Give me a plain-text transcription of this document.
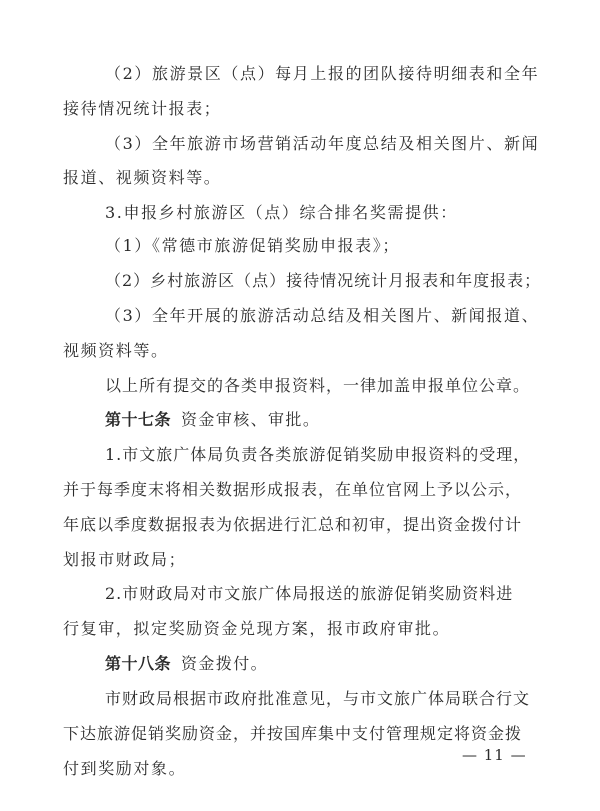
（2）旅游景区（点）每月上报的团队接待明细表和全年
接待情况统计报表；
（3）全年旅游市场营销活动年度总结及相关图片、新闻
报道、视频资料等。
3.申报乡村旅游区（点）综合排名奖需提供：
（1）《常德市旅游促销奖励申报表》；
（2）乡村旅游区（点）接待情况统计月报表和年度报表；
（3）全年开展的旅游活动总结及相关图片、新闻报道、
视频资料等。
以上所有提交的各类申报资料，一律加盖申报单位公章。
第十七条 资金审核、审批。
1.市文旅广体局负责各类旅游促销奖励申报资料的受理，
并于每季度末将相关数据形成报表，在单位官网上予以公示，
年底以季度数据报表为依据进行汇总和初审，提出资金拨付计
划报市财政局；
2.市财政局对市文旅广体局报送的旅游促销奖励资料进
行复审，拟定奖励资金兑现方案，报市政府审批。
第十八条 资金拨付。
市财政局根据市政府批准意见，与市文旅广体局联合行文
下达旅游促销奖励资金，并按国库集中支付管理规定将资金拨
付到奖励对象。
— 11 —
